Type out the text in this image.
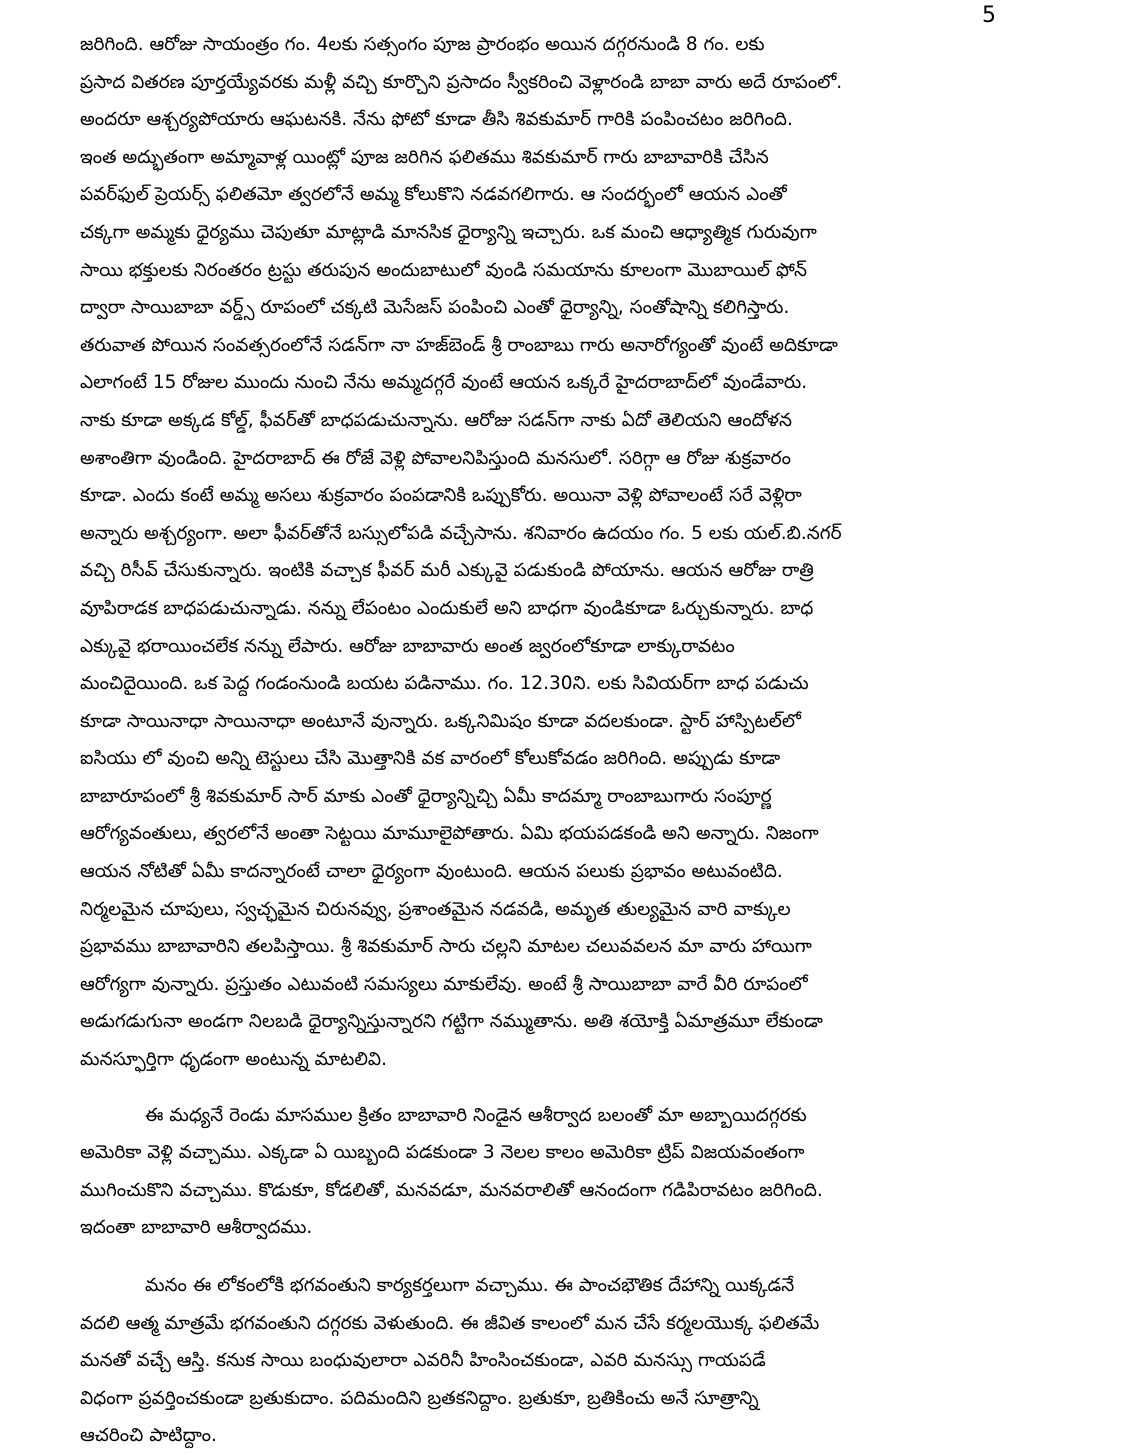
5
జరిగింది. ఆరోజు సాయంత్రం గం. 4లకు సత్సంగం పూజ ప్రారంభం అయిన దగ్గరనుండి 8 గం. లకు
ప్రసాద వితరణ పూర్తయ్యేవరకు మళ్లీ వచ్చి కూర్చొని ప్రసాదం స్వీకరించి వెళ్లారండి బాబా వారు అదే రూపంలో.
అందరూ ఆశ్చర్యపోయారు ఆఘటనకి. నేను ఫోటో కూడా తీసి శివకుమార్ గారికి పంపించటం జరిగింది.
ఇంత అద్భుతంగా అమ్మావాళ్ల యింట్లో పూజ జరిగిన ఫలితము శివకుమార్ గారు బాబావారికి చేసిన
పవర్‌ఫుల్ ప్రెయర్స్ ఫలితమో త్వరలోనే అమ్మ కోలుకొని నడవగలిగారు. ఆ సందర్భంలో ఆయన ఎంతో
చక్కగా అమ్మకు ధైర్యము చెపుతూ మాట్లాడి మానసిక ధైర్యాన్ని ఇచ్చారు. ఒక మంచి ఆధ్యాత్మిక గురువుగా
సాయి భక్తులకు నిరంతరం ట్రస్టు తరుపున అందుబాటులో వుండి సమయాను కూలంగా మొబాయిల్ ఫోన్
ద్వారా సాయిబాబా వర్డ్స్ రూపంలో చక్కటి మెసేజస్ పంపించి ఎంతో ధైర్యాన్ని, సంతోషాన్ని కలిగిస్తారు.
తరువాత పోయిన సంవత్సరంలోనే సడన్‌గా నా హజ్‌బెండ్ శ్రీ రాంబాబు గారు అనారోగ్యంతో వుంటే అదికూడా
ఎలాగంటే 15 రోజుల ముందు నుంచి నేను అమ్మదగ్గరే వుంటే ఆయన ఒక్కరే హైదరాబాద్‌లో వుండేవారు.
నాకు కూడా అక్కడ కోల్డ్, ఫీవర్‌తో బాధపడుచున్నాను. ఆరోజు సడన్‌గా నాకు ఏదో తెలియని ఆందోళన
అశాంతిగా వుండింది. హైదరాబాద్ ఈ రోజే వెళ్లి పోవాలనిపిస్తుంది మనసులో. సరిగ్గా ఆ రోజు శుక్రవారం
కూడా. ఎందు కంటే అమ్మ అసలు శుక్రవారం పంపడానికి ఒప్పుకోరు. అయినా వెళ్లి పోవాలంటే సరే వెళ్లిరా
అన్నారు అశ్చర్యంగా. అలా ఫీవర్‌తోనే బస్సులోపడి వచ్చేసాను. శనివారం ఉదయం గం. 5 లకు యల్.బి.నగర్
వచ్చి రిసీవ్ చేసుకున్నారు. ఇంటికి వచ్చాక ఫీవర్ మరీ ఎక్కువై పడుకుండి పోయాను. ఆయన ఆరోజు రాత్రి
వూపిరాడక బాధపడుచున్నాడు. నన్ను లేపంటం ఎందుకులే అని బాధగా వుండికూడా ఓర్చుకున్నారు. బాధ
ఎక్కువై భరాయించలేక నన్ను లేపారు. ఆరోజు బాబావారు అంత జ్వరంలోకూడా లాక్కురావటం
మంచిదైయింది. ఒక పెద్ద గండంనుండి బయట పడినాము. గం. 12.30ని. లకు సివియర్‌గా బాధ పడుచు
కూడా సాయినాధా సాయినాధా అంటూనే వున్నారు. ఒక్కనిమిషం కూడా వదలకుండా. స్టార్ హాస్పిటల్‌లో
ఐసియు లో వుంచి అన్ని టెస్టులు చేసి మొత్తానికి వక వారంలో కోలుకోవడం జరిగింది. అప్పుడు కూడా
బాబారూపంలో శ్రీ శివకుమార్ సార్ మాకు ఎంతో ధైర్యాన్నిచ్చి ఏమీ కాదమ్మా రాంబాబుగారు సంపూర్ణ
ఆరోగ్యవంతులు, త్వరలోనే అంతా సెట్టయి మామూలైపోతారు. ఏమి భయపడకండి అని అన్నారు. నిజంగా
ఆయన నోటితో ఏమీ కాదన్నారంటే చాలా ధైర్యంగా వుంటుంది. ఆయన పలుకు ప్రభావం అటువంటిది.
నిర్మలమైన చూపులు, స్వచ్ఛమైన చిరునవ్వు, ప్రశాంతమైన నడవడి, అమృత తుల్యమైన వారి వాక్కుల
ప్రభావము బాబావారిని తలపిస్తాయి. శ్రీ శివకుమార్ సారు చల్లని మాటల చలువవలన మా వారు హాయిగా
ఆరోగ్యగా వున్నారు. ప్రస్తుతం ఎటువంటి సమస్యలు మాకులేవు. అంటే శ్రీ సాయిబాబా వారే వీరి రూపంలో
అడుగడుగునా అండగా నిలబడి ధైర్యాన్నిస్తున్నారని గట్టిగా నమ్ముతాను. అతి శయోక్తి ఏమాత్రమూ లేకుండా
మనస్ఫూర్తిగా ధృడంగా అంటున్న మాటలివి.
ఈ మధ్యనే రెండు మాసముల క్రితం బాబావారి నిండైన ఆశీర్వాద బలంతో మా అబ్బాయిదగ్గరకు
అమెరికా వెళ్లి వచ్చాము. ఎక్కడా ఏ యిబ్బంది పడకుండా 3 నెలల కాలం అమెరికా ట్రిప్ విజయవంతంగా
ముగించుకొని వచ్చాము. కొడుకూ, కోడలితో, మనవడూ, మనవరాలితో ఆనందంగా గడిపిరావటం జరిగింది.
ఇదంతా బాబావారి ఆశీర్వాదము.
మనం ఈ లోకంలోకి భగవంతుని కార్యకర్తలుగా వచ్చాము. ఈ పాంచభౌతిక దేహాన్ని యిక్కడనే
వదలి ఆత్మ మాత్రమే భగవంతుని దగ్గరకు వెళుతుంది. ఈ జీవిత కాలంలో మన చేసే కర్మలయొక్క ఫలితమే
మనతో వచ్చే ఆస్తి. కనుక సాయి బంధువులారా ఎవరినీ హింసించకుండా, ఎవరి మనస్సు గాయపడే
విధంగా ప్రవర్తించకుండా బ్రతుకుదాం. పదిమందిని బ్రతకనిద్దాం. బ్రతుకూ, బ్రతికించు అనే సూత్రాన్ని
ఆచరించి పాటిద్దాం.
